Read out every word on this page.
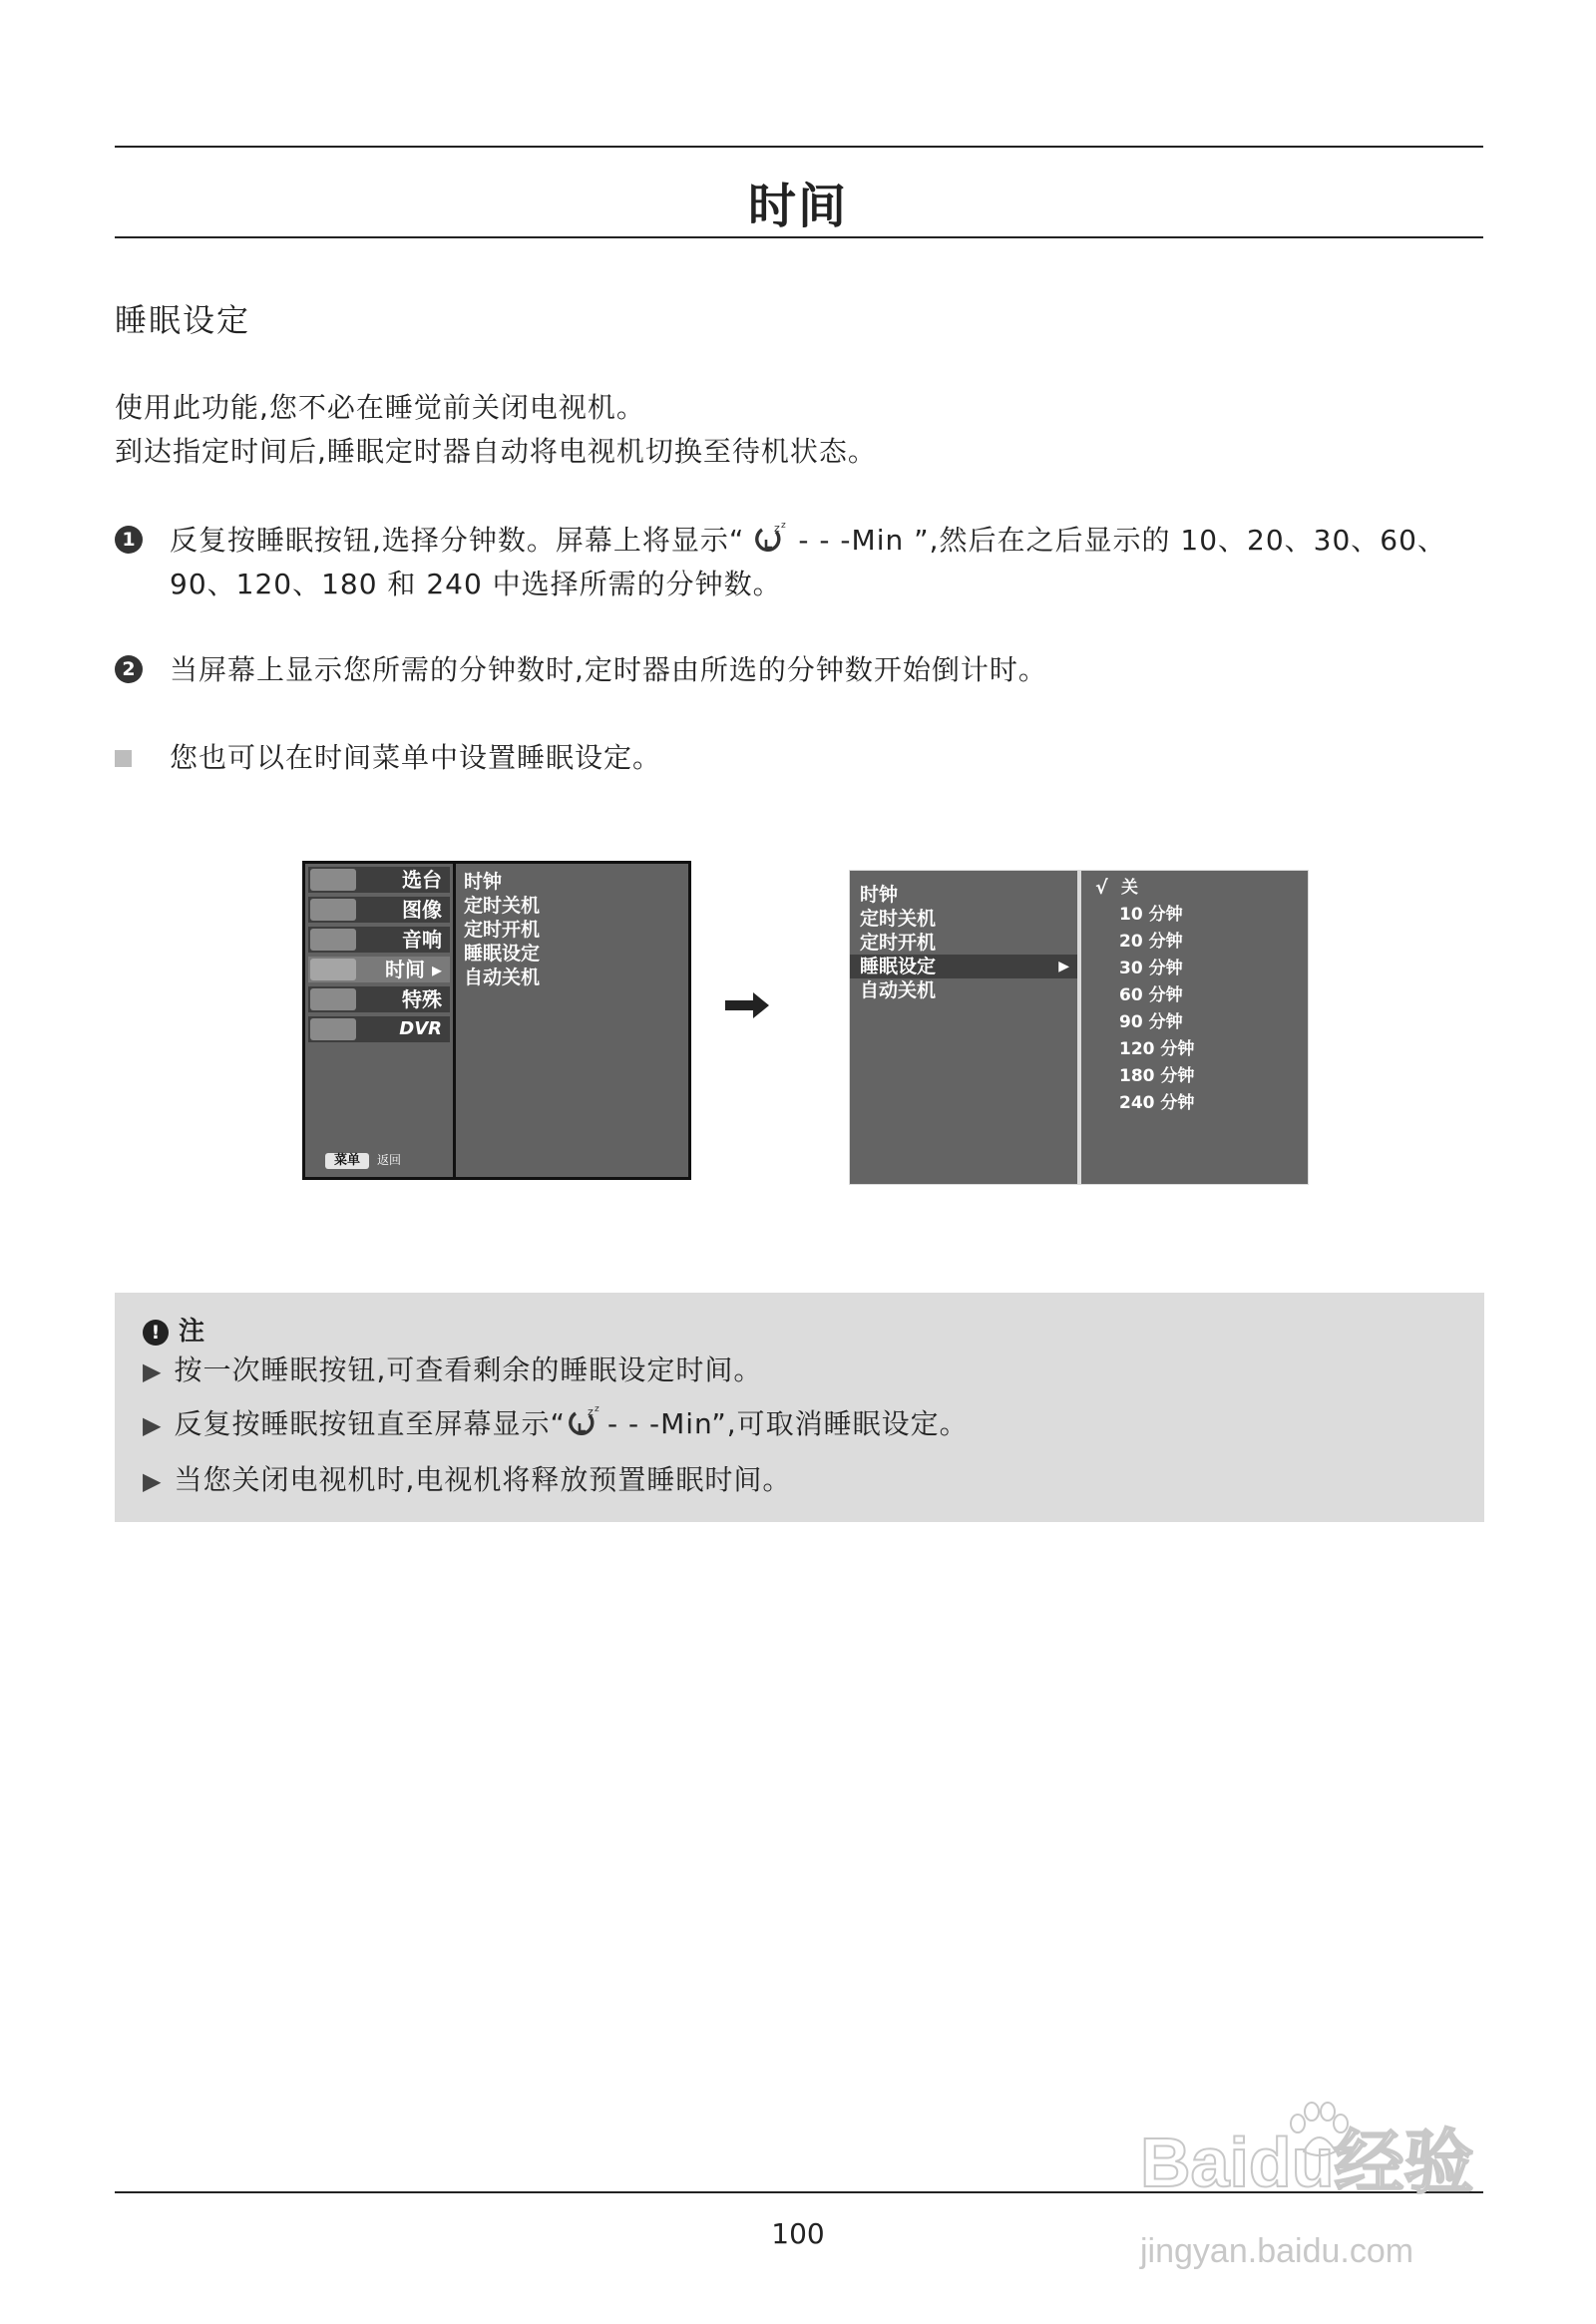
时间
睡眠设定
使用此功能,您不必在睡觉前关闭电视机。
到达指定时间后,睡眠定时器自动将电视机切换至待机状态。
1 反复按睡眠按钮,选择分钟数。屏幕上将显示“	z z - - -Min ”,然后在之后显示的 10、20、30、60、
90、120、180 和 240 中选择所需的分钟数。
2 当屏幕上显示您所需的分钟数时,定时器由所选的分钟数开始倒计时。
您也可以在时间菜单中设置睡眠设定。
选台
图像
音响
时间 ▸
特殊
DVR
菜单 返回
时钟
定时关机
定时开机
睡眠设定
自动关机
时钟
定时关机
定时开机
睡眠设定	▶
自动关机
√ 关
10 分钟
20 分钟
30 分钟
60 分钟
90 分钟
120 分钟
180 分钟
240 分钟
! 注
▶ 按一次睡眠按钮,可查看剩余的睡眠设定时间。
▶ 反复按睡眠按钮直至屏幕显示“ z z - - -Min”,可取消睡眠设定。
▶ 当您关闭电视机时,电视机将释放预置睡眠时间。
100
Baidu经验
jingyan.baidu.com
